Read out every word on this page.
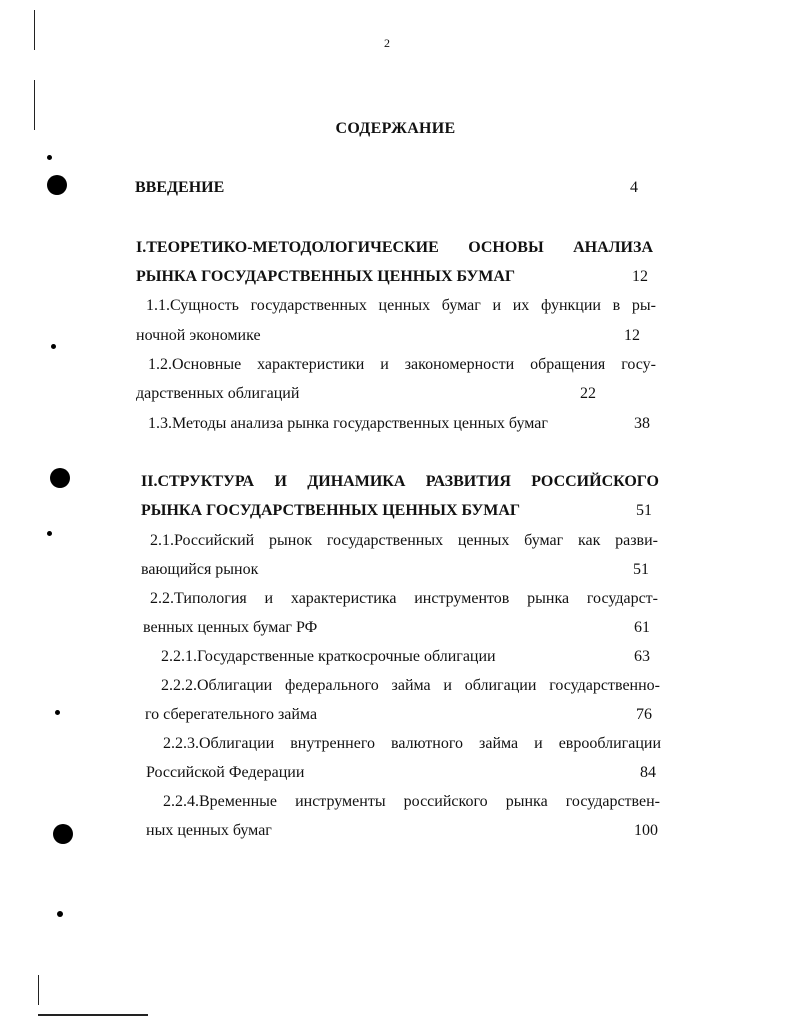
2
СОДЕРЖАНИЕ
ВВЕДЕНИЕ	4
I.ТЕОРЕТИКО-МЕТОДОЛОГИЧЕСКИЕ ОСНОВЫ АНАЛИЗА
РЫНКА ГОСУДАРСТВЕННЫХ ЦЕННЫХ БУМАГ	12
1.1.Сущность государственных ценных бумаг и их функции в ры-
ночной экономике	12
1.2.Основные характеристики и закономерности обращения госу-
дарственных облигаций	22
1.3.Методы анализа рынка государственных ценных бумаг	38
II.СТРУКТУРА И ДИНАМИКА РАЗВИТИЯ РОССИЙСКОГО
РЫНКА ГОСУДАРСТВЕННЫХ ЦЕННЫХ БУМАГ	51
2.1.Российский рынок государственных ценных бумаг как разви-
вающийся рынок	51
2.2.Типология и характеристика инструментов рынка государст-
венных ценных бумаг РФ	61
2.2.1.Государственные краткосрочные облигации	63
2.2.2.Облигации федерального займа и облигации государственно-
го сберегательного займа	76
2.2.3.Облигации внутреннего валютного займа и еврооблигации
Российской Федерации	84
2.2.4.Временные инструменты российского рынка государствен-
ных ценных бумаг	100
